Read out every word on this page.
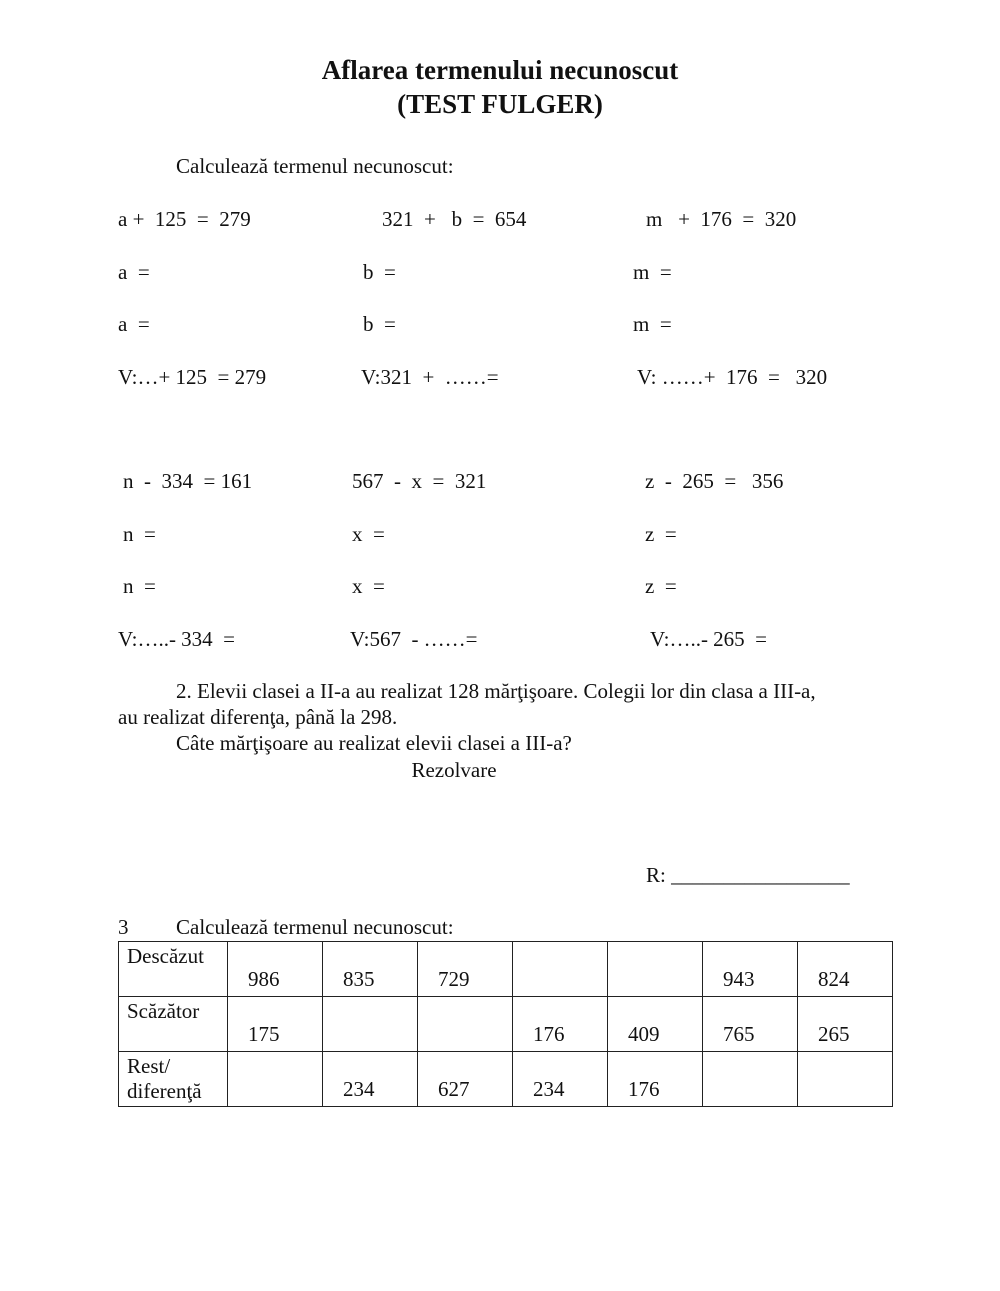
Aflarea termenului necunoscut
(TEST FULGER)
Calculează termenul necunoscut:
a +  125  =  279	321  +   b  =  654	m   +  176  =  320
a  =	b  =	m  =
a  =	b  =	m  =
V:…+ 125  = 279	V:321  +  ……=	V: ……+  176  =   320
n  -  334  = 161	567  -  x  =  321	z  -  265  =   356
n  =	x  =	z  =
n  =	x  =	z  =
V:…..- 334  =	V:567  - ……=	V:…..- 265  =
2. Elevii clasei a II-a au realizat 128 mărţişoare. Colegii lor din clasa a III-a,
au realizat diferenţa, până la 298.
Câte mărţişoare au realizat elevii clasei a III-a?
Rezolvare
R: _________________
3 Calculează termenul necunoscut:
Descăzut	986	835	729			943	824

Scăzător	175			176	409	765	265

Rest/
diferenţă		234	627	234	176		
